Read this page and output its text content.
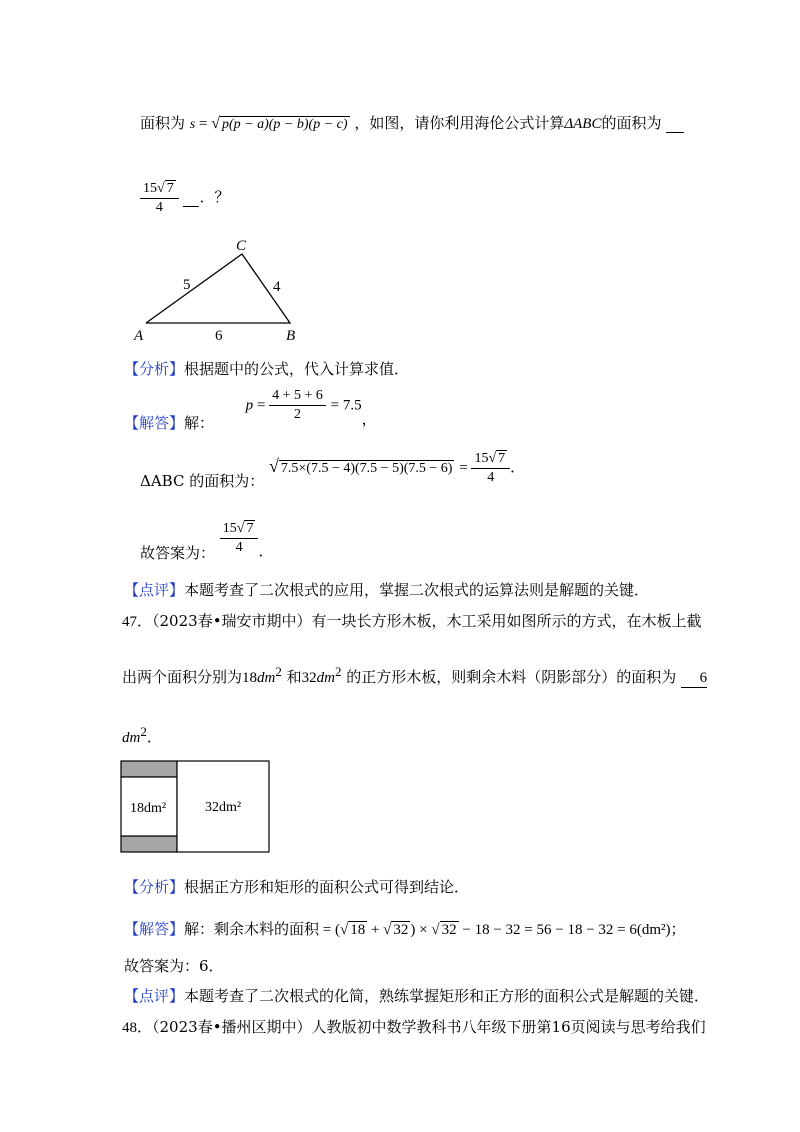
面积为 s = √ p(p − a)(p − b)(p − c) ，如图，请你利用海伦公式计算ΔABC的面积为
$\frac{15√ 7}{4}$ ．？
A	B
C
5	4
6
【分析】根据题中的公式，代入计算求值．
【解答】解：  $p = \frac{4 + 5 + 6}{2} = 7.5$，
ΔABC 的面积为： √ $7.5\times(7.5 - 4)(7.5 - 5)(7.5 - 6) = \frac{15√ 7}{4}$ ．
故答案为： $\frac{15√ 7}{4}$ ．
【点评】本题考查了二次根式的应用，掌握二次根式的运算法则是解题的关键．
47．（2023春•瑞安市期中）有一块长方形木板，木工采用如图所示的方式，在木板上截
出两个面积分别为$18dm^2$ 和$32dm^2$ 的正方形木板，则剩余木料（阴影部分）的面积为 6
$dm^2$．
18dm²	32dm²
【分析】根据正方形和矩形的面积公式可得到结论．
【解答】解：剩余木料的面积 = (√ 18 + √ 32 ) × √ 32 − 18 − 32 = 56 − 18 − 32 = 6(dm²)；
故答案为：6．
【点评】本题考查了二次根式的化简，熟练掌握矩形和正方形的面积公式是解题的关键．
48．（2023春•播州区期中）人教版初中数学教科书八年级下册第16页阅读与思考给我们
